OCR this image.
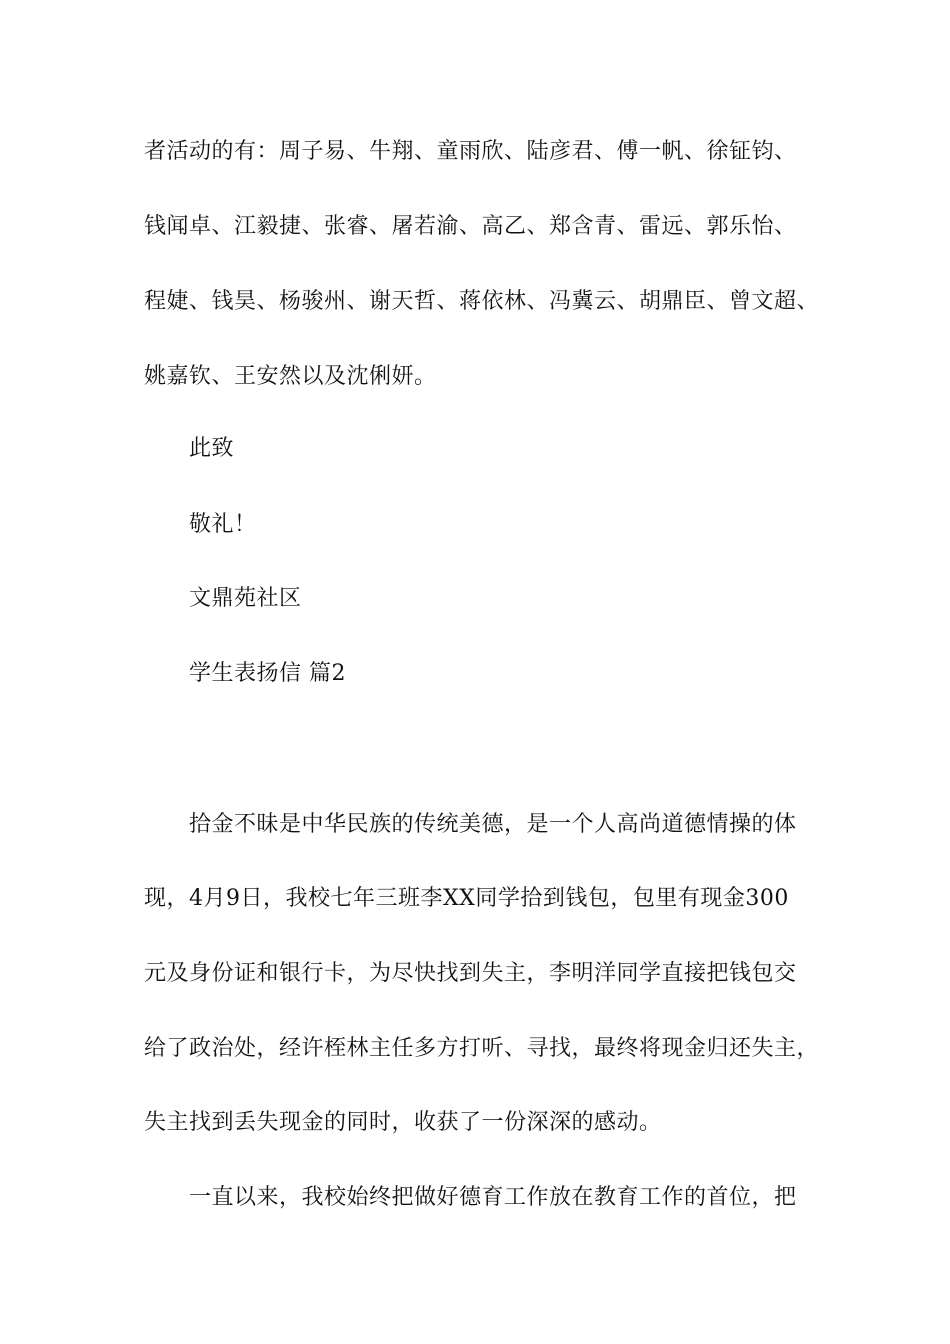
者活动的有：周子易、牛翔、童雨欣、陆彦君、傅一帆、徐钲钧、
钱闻卓、江毅捷、张睿、屠若渝、高乙、郑含青、雷远、郭乐怡、
程婕、钱昊、杨骏州、谢天哲、蒋依林、冯冀云、胡鼎臣、曾文超、
姚嘉钦、王安然以及沈俐妍。
此致
敬礼！
文鼎苑社区
学生表扬信 篇2
拾金不昧是中华民族的传统美德，是一个人高尚道德情操的体
现，4月9日，我校七年三班李XX同学拾到钱包，包里有现金300
元及身份证和银行卡，为尽快找到失主，李明洋同学直接把钱包交
给了政治处，经许桎林主任多方打听、寻找，最终将现金归还失主，
失主找到丢失现金的同时，收获了一份深深的感动。
一直以来，我校始终把做好德育工作放在教育工作的首位，把
